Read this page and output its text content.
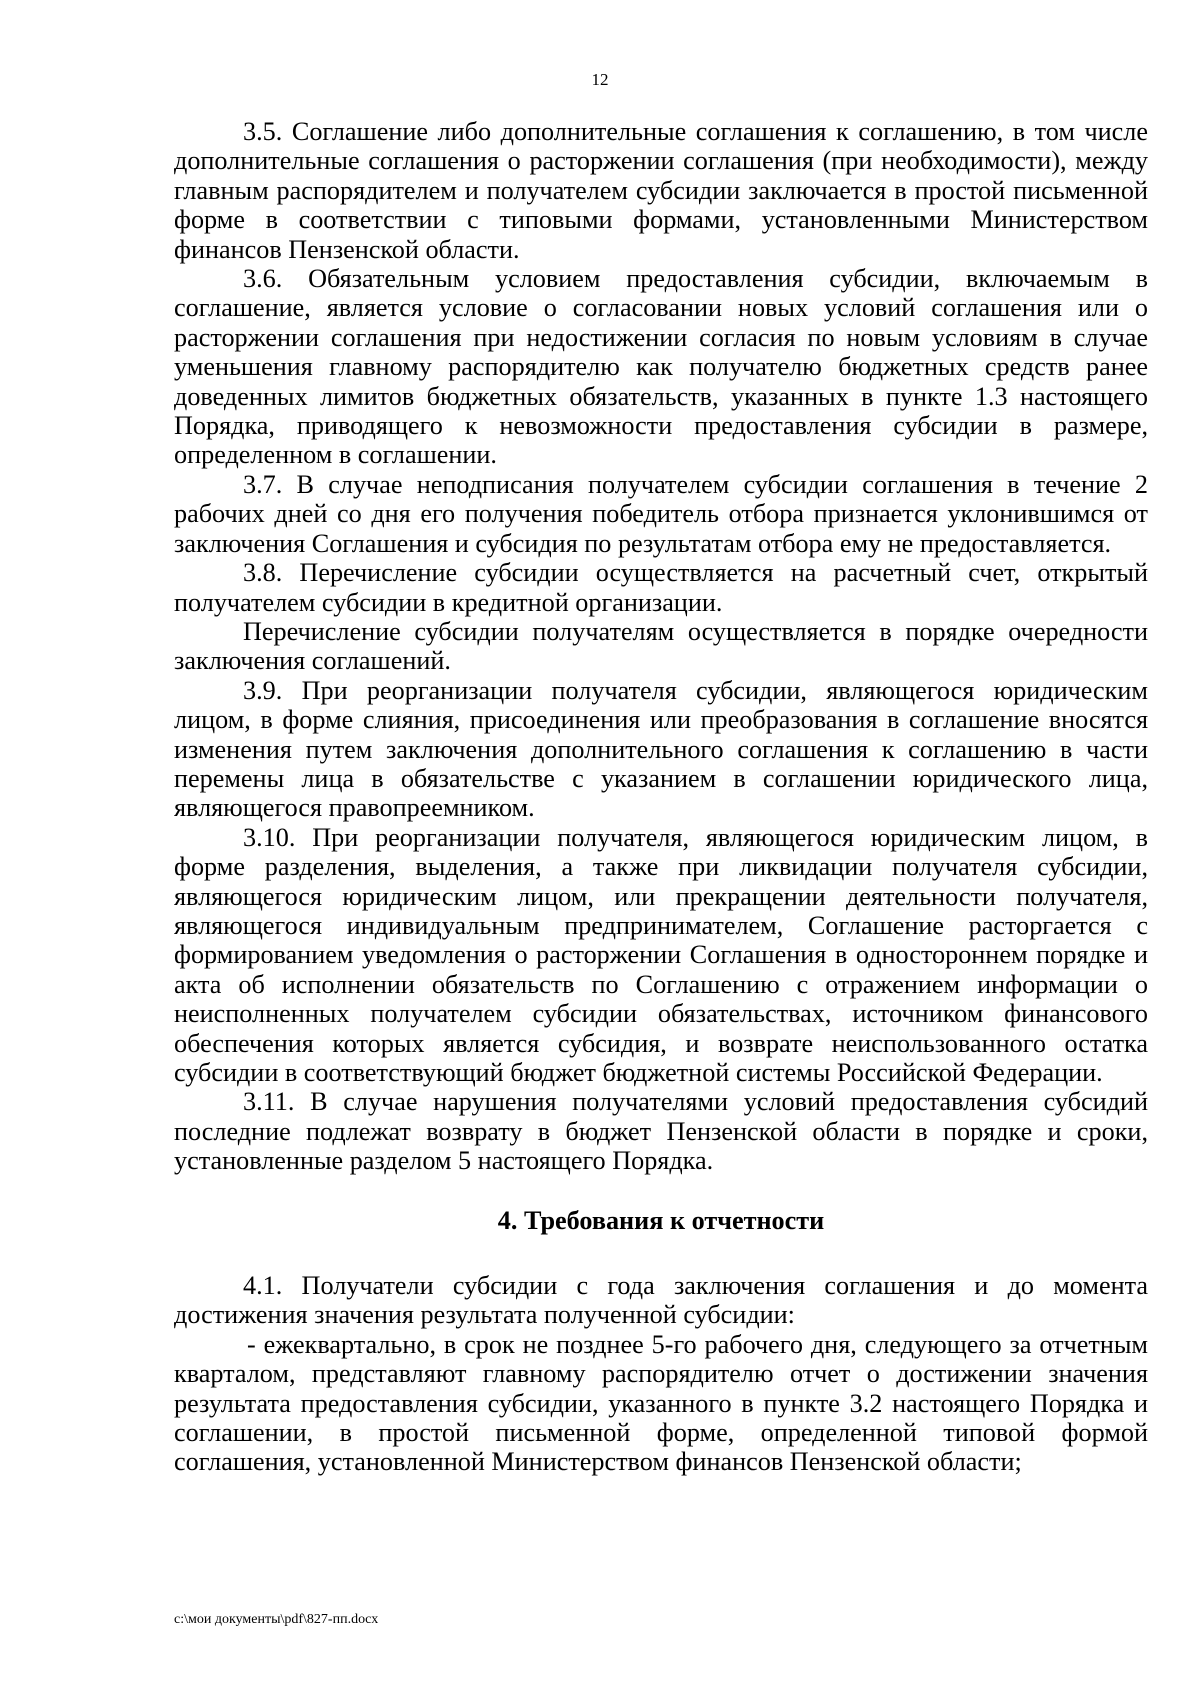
12

3.5. Соглашение либо дополнительные соглашения к соглашению, в том числе дополнительные соглашения о расторжении соглашения (при необходимости), между главным распорядителем и получателем субсидии заключается в простой письменной форме в соответствии с типовыми формами, установленными Министерством финансов Пензенской области.

3.6. Обязательным условием предоставления субсидии, включаемым в соглашение, является условие о согласовании новых условий соглашения или о расторжении соглашения при недостижении согласия по новым условиям в случае уменьшения главному распорядителю как получателю бюджетных средств ранее доведенных лимитов бюджетных обязательств, указанных в пункте 1.3 настоящего Порядка, приводящего к невозможности предоставления субсидии в размере, определенном в соглашении.

3.7. В случае неподписания получателем субсидии соглашения в течение 2 рабочих дней со дня его получения победитель отбора признается уклонившимся от заключения Соглашения и субсидия по результатам отбора ему не предоставляется.

3.8. Перечисление субсидии осуществляется на расчетный счет, открытый получателем субсидии в кредитной организации.

Перечисление субсидии получателям осуществляется в порядке очередности заключения соглашений.

3.9. При реорганизации получателя субсидии, являющегося юридическим лицом, в форме слияния, присоединения или преобразования в соглашение вносятся изменения путем заключения дополнительного соглашения к соглашению в части перемены лица в обязательстве с указанием в соглашении юридического лица, являющегося правопреемником.

3.10. При реорганизации получателя, являющегося юридическим лицом, в форме разделения, выделения, а также при ликвидации получателя субсидии, являющегося юридическим лицом, или прекращении деятельности получателя, являющегося индивидуальным предпринимателем, Соглашение расторгается с формированием уведомления о расторжении Соглашения в одностороннем порядке и акта об исполнении обязательств по Соглашению с отражением информации о неисполненных получателем субсидии обязательствах, источником финансового обеспечения которых является субсидия, и возврате неиспользованного остатка субсидии в соответствующий бюджет бюджетной системы Российской Федерации.

3.11. В случае нарушения получателями условий предоставления субсидий последние подлежат возврату в бюджет Пензенской области в порядке и сроки, установленные разделом 5 настоящего Порядка.

4. Требования к отчетности

4.1. Получатели субсидии с года заключения соглашения и до момента достижения значения результата полученной субсидии:

- ежеквартально, в срок не позднее 5-го рабочего дня, следующего за отчетным кварталом, представляют главному распорядителю отчет о достижении значения результата предоставления субсидии, указанного в пункте 3.2 настоящего Порядка и соглашении, в простой письменной форме, определенной типовой формой соглашения, установленной Министерством финансов Пензенской области;

c:\мои документы\pdf\827-пп.docx
